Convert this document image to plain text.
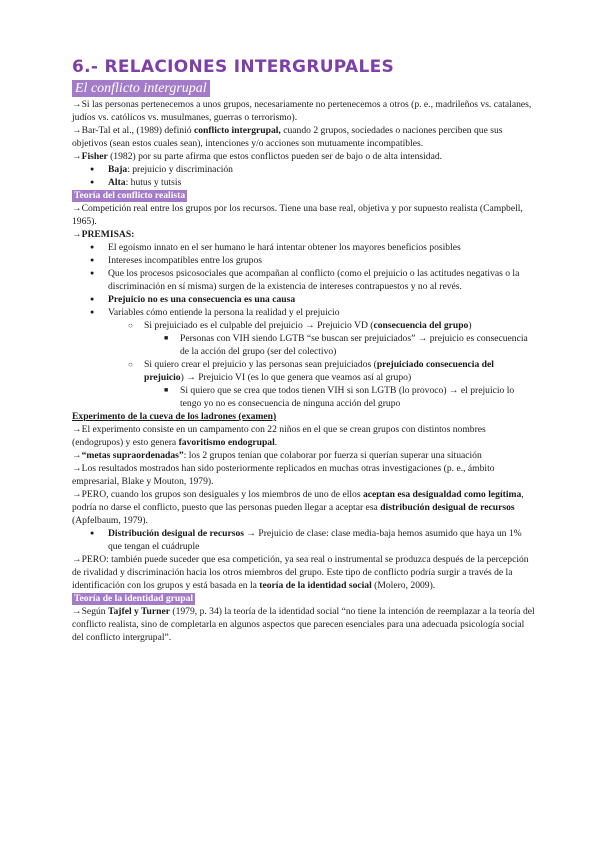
6.- RELACIONES INTERGRUPALES
El conflicto intergrupal

→Si las personas pertenecemos a unos grupos, necesariamente no pertenecemos a otros (p. e., madrileños vs. catalanes, judíos vs. católicos vs. musulmanes, guerras o terrorismo).

→Bar-Tal et al., (1989) definió conflicto intergrupal, cuando 2 grupos, sociedades o naciones perciben que sus objetivos (sean estos cuales sean), intenciones y/o acciones son mutuamente incompatibles.

→Fisher (1982) por su parte afirma que estos conflictos pueden ser de bajo o de alta intensidad.

● Baja: prejuicio y discriminación
● Alta: hutus y tutsis
Teoría del conflicto realista

→Competición real entre los grupos por los recursos. Tiene una base real, objetiva y por supuesto realista (Campbell, 1965).

→PREMISAS:

● El egoísmo innato en el ser humano le hará intentar obtener los mayores beneficios posibles
● Intereses incompatibles entre los grupos
● Que los procesos psicosociales que acompañan al conflicto (como el prejuicio o las actitudes negativas o la discriminación en sí misma) surgen de la existencia de intereses contrapuestos y no al revés.
● Prejuicio no es una consecuencia es una causa
● Variables cómo entiende la persona la realidad y el prejuicio
○ Si prejuiciado es el culpable del prejuicio → Prejuicio VD (consecuencia del grupo)
■ Personas con VIH siendo LGTB “se buscan ser prejuiciados” → prejuicio es consecuencia de la acción del grupo (ser del colectivo)
○ Si quiero crear el prejuicio y las personas sean prejuiciados (prejuiciado consecuencia del prejuicio) → Prejuicio VI (es lo que genera que veamos así al grupo)
■ Si quiero que se crea que todos tienen VIH si son LGTB (lo provoco) → el prejuicio lo tengo yo no es consecuencia de ninguna acción del grupo

Experimento de la cueva de los ladrones (examen)

→El experimento consiste en un campamento con 22 niños en el que se crean grupos con distintos nombres (endogrupos) y esto genera favoritismo endogrupal.

→“metas supraordenadas”: los 2 grupos tenían que colaborar por fuerza si querían superar una situación

→Los resultados mostrados han sido posteriormente replicados en muchas otras investigaciones (p. e., ámbito empresarial, Blake y Mouton, 1979).

→PERO, cuando los grupos son desiguales y los miembros de uno de ellos aceptan esa desigualdad como legítima, podría no darse el conflicto, puesto que las personas pueden llegar a aceptar esa distribución desigual de recursos (Apfelbaum, 1979).

● Distribución desigual de recursos → Prejuicio de clase: clase media-baja hemos asumido que haya un 1% que tengan el cuádruple

→PERO: también puede suceder que esa competición, ya sea real o instrumental se produzca después de la percepción de rivalidad y discriminación hacia los otros miembros del grupo. Este tipo de conflicto podría surgir a través de la identificación con los grupos y está basada en la teoría de la identidad social (Molero, 2009).

Teoría de la identidad grupal

→Según Tajfel y Turner (1979, p. 34) la teoría de la identidad social “no tiene la intención de reemplazar a la teoría del conflicto realista, sino de completarla en algunos aspectos que parecen esenciales para una adecuada psicología social del conflicto intergrupal”.
